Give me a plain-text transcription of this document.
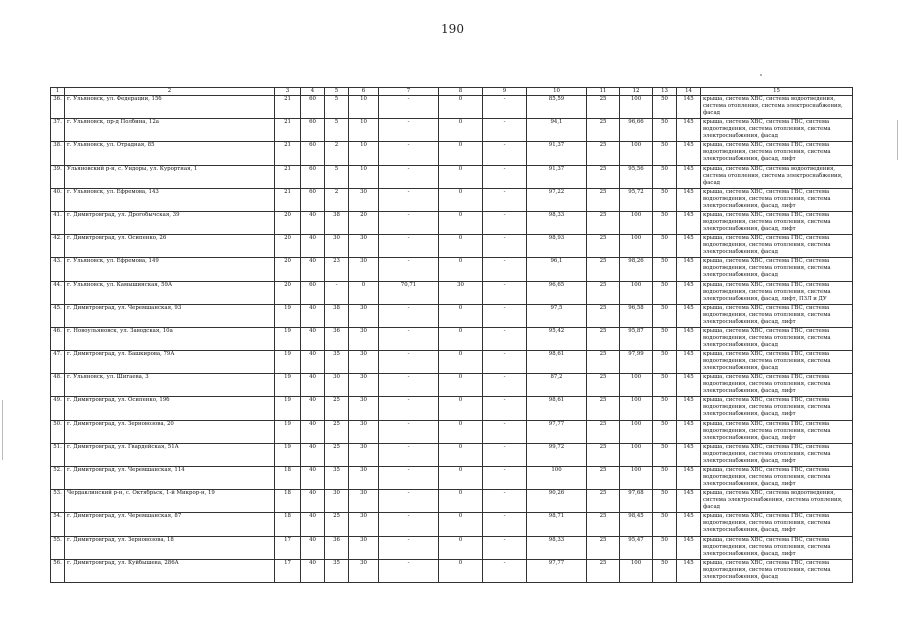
190
1	2	3	4	5	6	7	8	9	10	11	12	13	14	15
36.	г. Ульяновск, ул. Федерации, 15б	21	60	5	10	-	0	-	85,59	25	100	50	145	крыша, система ХВС, система водоотведения, система отопления, система электроснабжения, фасад
37.	г. Ульяновск, пр-д Полбина, 12а	21	60	5	10	-	0	-	94,1	25	96,66	50	145	крыша, система ХВС, система ГВС, система водоотведения, система отопления, система электроснабжения, фасад
38.	г. Ульяновск, ул. Отрадная, 85	21	60	2	10	-	0	-	91,37	25	100	50	145	крыша, система ХВС, система ГВС, система водоотведения, система отопления, система электроснабжения, фасад, лифт
39.	Ульяновский р-н, с. Ундоры, ул. Курортная, 1	21	60	5	10	-	0	-	91,37	25	95,56	50	145	крыша, система ХВС, система водоотведения, система отопления, система электроснабжения, фасад
40.	г. Ульяновск, ул. Ефремова, 143	21	60	2	30	-	0	-	97,22	25	95,72	50	145	крыша, система ХВС, система ГВС, система водоотведения, система отопления, система электроснабжения, фасад, лифт
41.	г. Димитровград, ул. Дрогобычская, 39	20	40	38	20	-	0	-	98,33	25	100	50	145	крыша, система ХВС, система ГВС, система водоотведения, система отопления, система электроснабжения, фасад, лифт
42.	г. Димитровград, ул. Осипенко, 26	20	40	30	30	-	0	-	98,93	25	100	50	145	крыша, система ХВС, система ГВС, система водоотведения, система отопления, система электроснабжения, фасад
43.	г. Ульяновск, ул. Ефремова, 149	20	40	23	30	-	0	-	96,1	25	98,26	50	145	крыша, система ХВС, система ГВС, система водоотведения, система отопления, система электроснабжения, фасад
44.	г. Ульяновск, ул. Камышинская, 59А	20	60	-	0	70,71	30	-	96,65	25	100	50	145	крыша, система ХВС, система ГВС, система водоотведения, система отопления, система электроснабжения, фасад, лифт, ПЗЛ и ДУ
45.	г. Димитровград, ул. Черемшанская, 93	19	40	38	30	-	0	-	97,5	25	96,58	50	145	крыша, система ХВС, система ГВС, система водоотведения, система отопления, система электроснабжения, фасад, лифт
46.	г. Новоульяновск, ул. Заводская, 10а	19	40	36	30	-	0	-	95,42	25	95,87	50	145	крыша, система ХВС, система ГВС, система водоотведения, система отопления, система электроснабжения, фасад
47.	г. Димитровград, ул. Башкирова, 79А	19	40	35	30	-	0	-	98,61	25	97,99	50	145	крыша, система ХВС, система ГВС, система водоотведения, система отопления, система электроснабжения, фасад
48.	г. Ульяновск, ул. Шигаева, 3	19	40	30	30	-	0	-	87,2	25	100	50	145	крыша, система ХВС, система ГВС, система водоотведения, система отопления, система электроснабжения, фасад, лифт
49.	г. Димитровград, ул. Осипенко, 19б	19	40	25	30	-	0	-	98,61	25	100	50	145	крыша, система ХВС, система ГВС, система водоотведения, система отопления, система электроснабжения, фасад, лифт
50.	г. Димитровград, ул. Зерновозова, 20	19	40	25	30	-	0	-	97,77	25	100	50	145	крыша, система ХВС, система ГВС, система водоотведения, система отопления, система электроснабжения, фасад, лифт
51.	г. Димитровград, ул. Гвардейская, 51А	19	40	25	30	-	0	-	99,72	25	100	50	145	крыша, система ХВС, система ГВС, система водоотведения, система отопления, система электроснабжения, фасад, лифт
52.	г. Димитровград, ул. Черемшанская, 114	18	40	35	30	-	0	-	100	25	100	50	145	крыша, система ХВС, система ГВС, система водоотведения, система отопления, система электроснабжения, фасад, лифт
53.	Чердаклинский р-н, с. Октябрьск, 1-й Микрор-н, 19	18	40	30	30	-	0	-	90,26	25	97,68	50	145	крыша, система ХВС, система водоотведения, система электроснабжения, система отопления, фасад
54.	г. Димитровград, ул. Черемшанская, 87	18	40	25	30	-	0	-	98,71	25	98,45	50	145	крыша, система ХВС, система ГВС, система водоотведения, система отопления, система электроснабжения, фасад, лифт
55.	г. Димитровград, ул. Зерновозова, 18	17	40	36	30	-	0	-	98,33	25	95,47	50	145	крыша, система ХВС, система ГВС, система водоотведения, система отопления, система электроснабжения, фасад, лифт
56.	г. Димитровград, ул. Куйбышева, 286А	17	40	35	30	-	0	-	97,77	25	100	50	145	крыша, система ХВС, система ГВС, система водоотведения, система отопления, система электроснабжения, фасад
